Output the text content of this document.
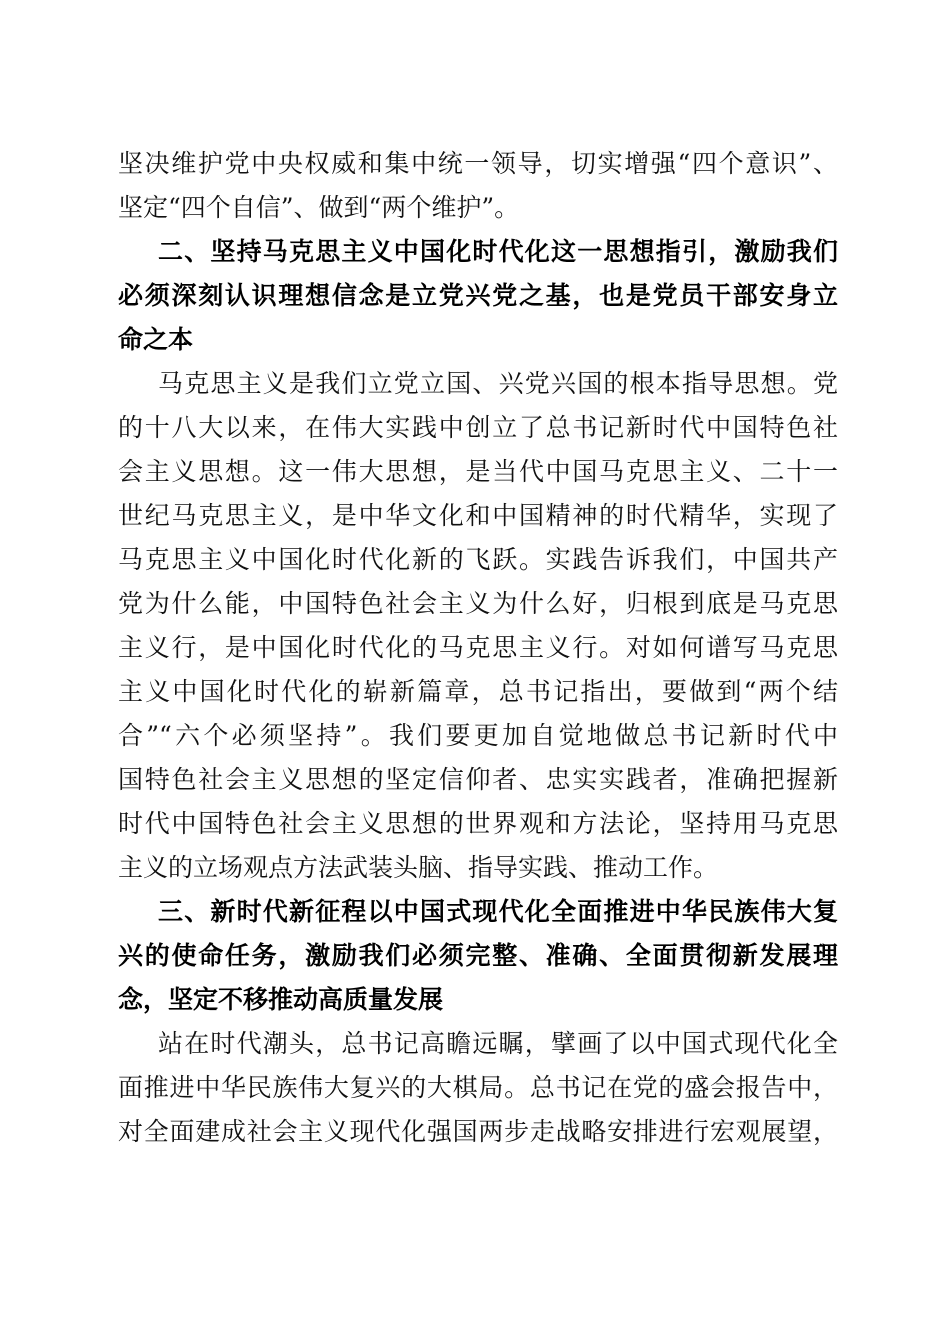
坚决维护党中央权威和集中统一领导，切实增强“四个意识”、
坚定“四个自信”、做到“两个维护”。
二、坚持马克思主义中国化时代化这一思想指引，激励我们
必须深刻认识理想信念是立党兴党之基，也是党员干部安身立
命之本
马克思主义是我们立党立国、兴党兴国的根本指导思想。党
的十八大以来，在伟大实践中创立了总书记新时代中国特色社
会主义思想。这一伟大思想，是当代中国马克思主义、二十一
世纪马克思主义，是中华文化和中国精神的时代精华，实现了
马克思主义中国化时代化新的飞跃。实践告诉我们，中国共产
党为什么能，中国特色社会主义为什么好，归根到底是马克思
主义行，是中国化时代化的马克思主义行。对如何谱写马克思
主义中国化时代化的崭新篇章，总书记指出，要做到“两个结
合”“六个必须坚持”。我们要更加自觉地做总书记新时代中
国特色社会主义思想的坚定信仰者、忠实实践者，准确把握新
时代中国特色社会主义思想的世界观和方法论，坚持用马克思
主义的立场观点方法武装头脑、指导实践、推动工作。
三、新时代新征程以中国式现代化全面推进中华民族伟大复
兴的使命任务，激励我们必须完整、准确、全面贯彻新发展理
念，坚定不移推动高质量发展
站在时代潮头，总书记高瞻远瞩，擘画了以中国式现代化全
面推进中华民族伟大复兴的大棋局。总书记在党的盛会报告中，
对全面建成社会主义现代化强国两步走战略安排进行宏观展望，
